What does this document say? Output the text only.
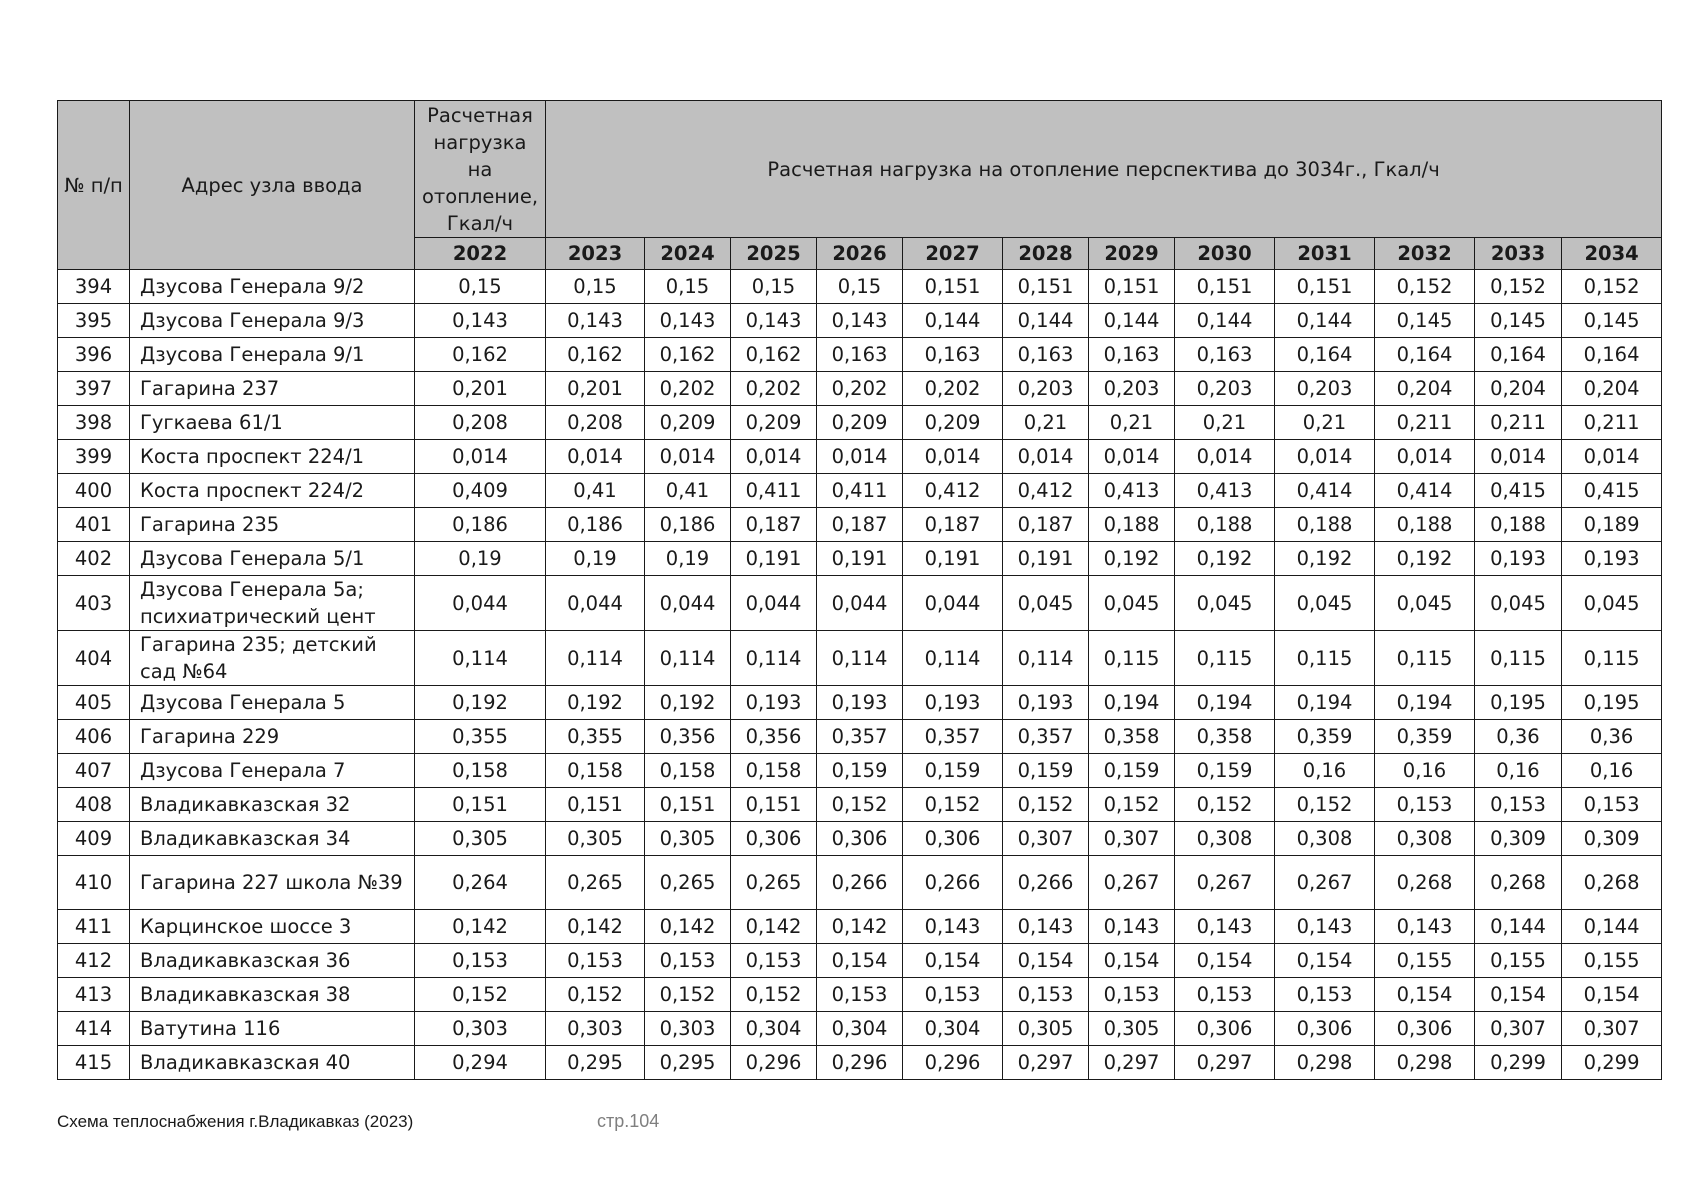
№ п/п	Адрес узла ввода	Расчетная нагрузка на отопление, Гкал/ч	Расчетная нагрузка на отопление перспектива до 3034г., Гкал/ч											
		2022	2023	2024	2025	2026	2027	2028	2029	2030	2031	2032	2033	2034
394	Дзусова Генерала 9/2	0,15	0,15	0,15	0,15	0,15	0,151	0,151	0,151	0,151	0,151	0,152	0,152	0,152
395	Дзусова Генерала 9/3	0,143	0,143	0,143	0,143	0,143	0,144	0,144	0,144	0,144	0,144	0,145	0,145	0,145
396	Дзусова Генерала 9/1	0,162	0,162	0,162	0,162	0,163	0,163	0,163	0,163	0,163	0,164	0,164	0,164	0,164
397	Гагарина 237	0,201	0,201	0,202	0,202	0,202	0,202	0,203	0,203	0,203	0,203	0,204	0,204	0,204
398	Гугкаева 61/1	0,208	0,208	0,209	0,209	0,209	0,209	0,21	0,21	0,21	0,21	0,211	0,211	0,211
399	Коста проспект 224/1	0,014	0,014	0,014	0,014	0,014	0,014	0,014	0,014	0,014	0,014	0,014	0,014	0,014
400	Коста проспект 224/2	0,409	0,41	0,41	0,411	0,411	0,412	0,412	0,413	0,413	0,414	0,414	0,415	0,415
401	Гагарина 235	0,186	0,186	0,186	0,187	0,187	0,187	0,187	0,188	0,188	0,188	0,188	0,188	0,189
402	Дзусова Генерала 5/1	0,19	0,19	0,19	0,191	0,191	0,191	0,191	0,192	0,192	0,192	0,192	0,193	0,193
403	Дзусова Генерала 5а; психиатрический цент	0,044	0,044	0,044	0,044	0,044	0,044	0,045	0,045	0,045	0,045	0,045	0,045	0,045
404	Гагарина 235; детский сад №64	0,114	0,114	0,114	0,114	0,114	0,114	0,114	0,115	0,115	0,115	0,115	0,115	0,115
405	Дзусова Генерала 5	0,192	0,192	0,192	0,193	0,193	0,193	0,193	0,194	0,194	0,194	0,194	0,195	0,195
406	Гагарина 229	0,355	0,355	0,356	0,356	0,357	0,357	0,357	0,358	0,358	0,359	0,359	0,36	0,36
407	Дзусова Генерала 7	0,158	0,158	0,158	0,158	0,159	0,159	0,159	0,159	0,159	0,16	0,16	0,16	0,16
408	Владикавказская 32	0,151	0,151	0,151	0,151	0,152	0,152	0,152	0,152	0,152	0,152	0,153	0,153	0,153
409	Владикавказская 34	0,305	0,305	0,305	0,306	0,306	0,306	0,307	0,307	0,308	0,308	0,308	0,309	0,309
410	Гагарина 227 школа №39	0,264	0,265	0,265	0,265	0,266	0,266	0,266	0,267	0,267	0,267	0,268	0,268	0,268
411	Карцинское шоссе 3	0,142	0,142	0,142	0,142	0,142	0,143	0,143	0,143	0,143	0,143	0,143	0,144	0,144
412	Владикавказская 36	0,153	0,153	0,153	0,153	0,154	0,154	0,154	0,154	0,154	0,154	0,155	0,155	0,155
413	Владикавказская 38	0,152	0,152	0,152	0,152	0,153	0,153	0,153	0,153	0,153	0,153	0,154	0,154	0,154
414	Ватутина 116	0,303	0,303	0,303	0,304	0,304	0,304	0,305	0,305	0,306	0,306	0,306	0,307	0,307
415	Владикавказская 40	0,294	0,295	0,295	0,296	0,296	0,296	0,297	0,297	0,297	0,298	0,298	0,299	0,299
Схема теплоснабжения г.Владикавказ (2023)	стр.104
